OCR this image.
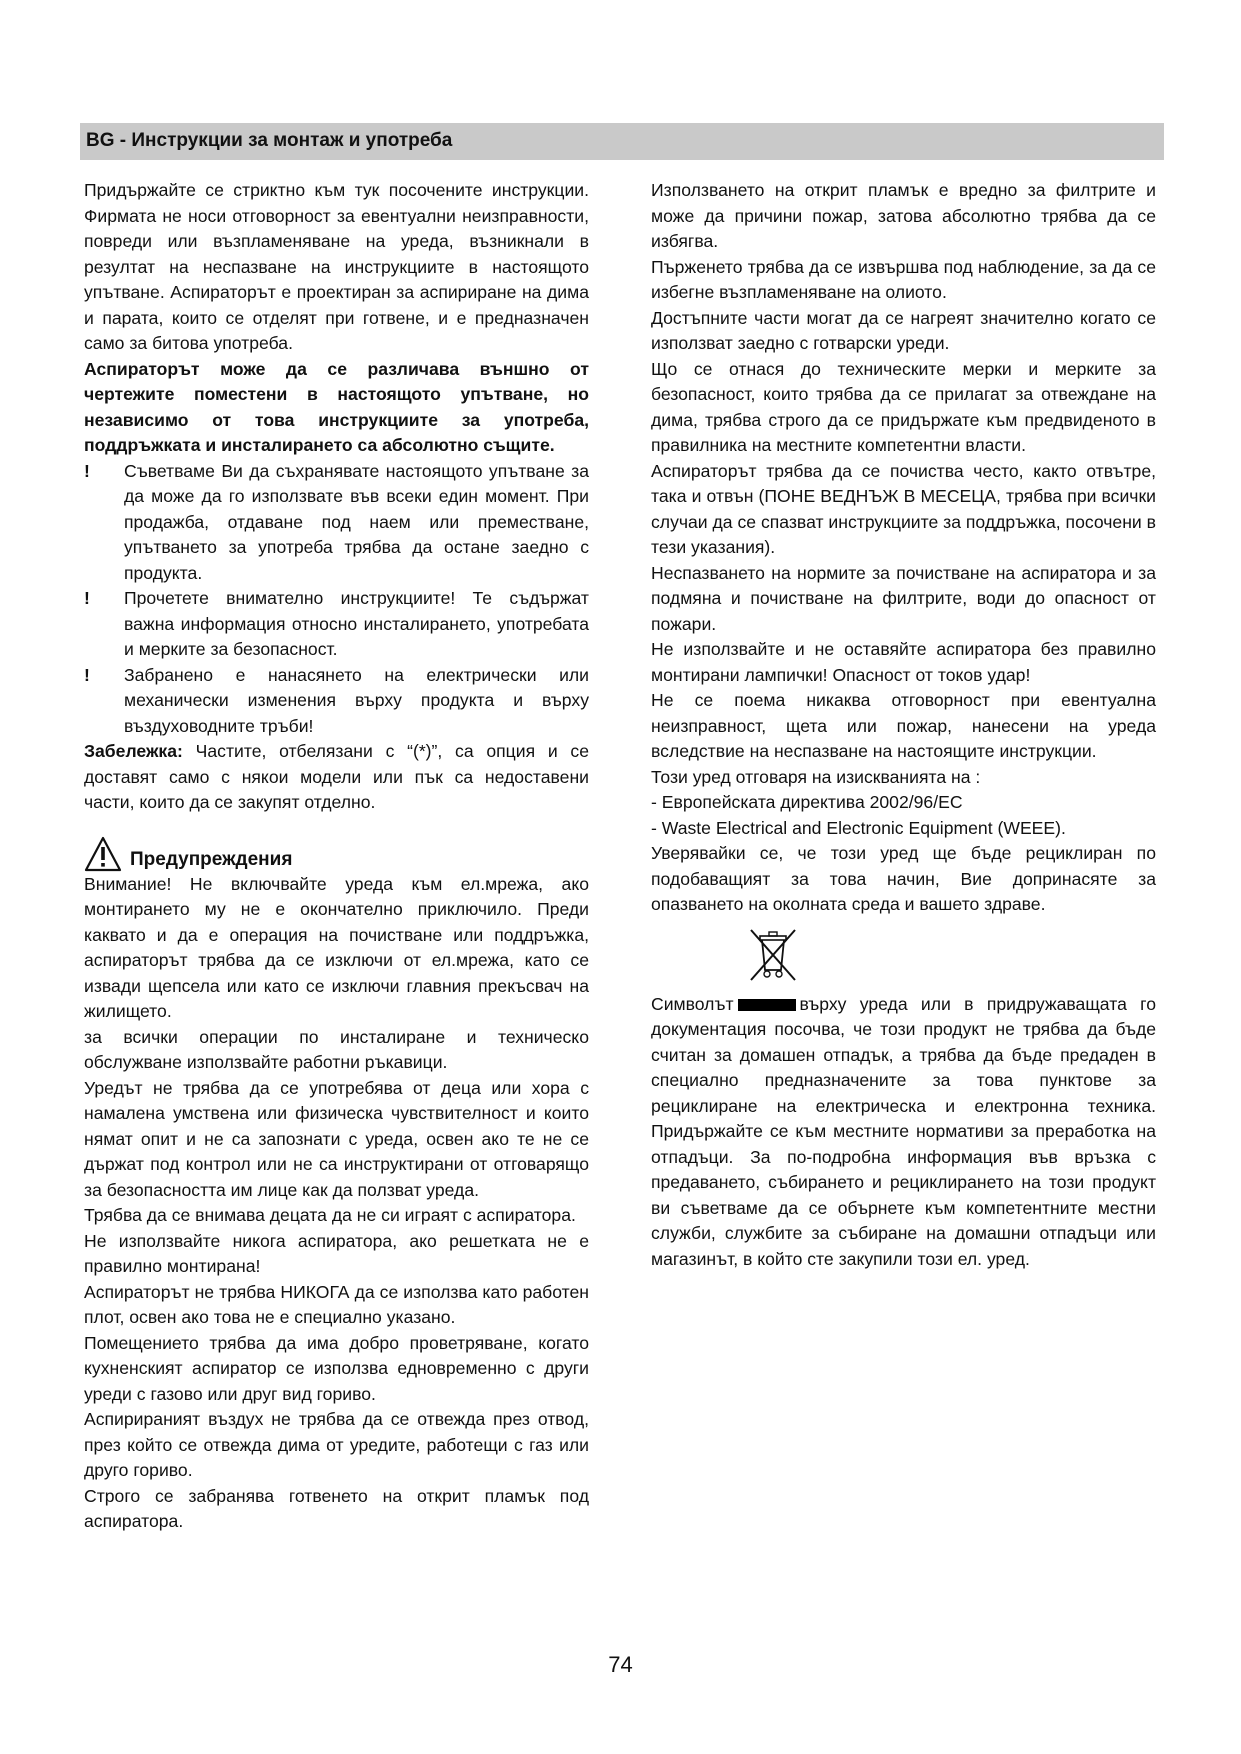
BG - Инструкции за монтаж и употреба

Придържайте се стриктно към тук посочените инструкции. Фирмата не носи отговорност за евентуални неизправности, повреди или възпламеняване на уреда, възникнали в резултат на неспазване на инструкциите в настоящото упътване. Аспираторът е проектиран за аспириране на дима и парата, които се отделят при готвене, и е предназначен само за битова употреба.

Аспираторът може да се различава външно от чертежите поместени в настоящото упътване, но независимо от това инструкциите за употреба, поддръжката и инсталирането са абсолютно същите.

! Съветваме Ви да съхранявате настоящото упътване за да може да го използвате във всеки един момент. При продажба, отдаване под наем или преместване, упътването за употреба трябва да остане заедно с продукта.
! Прочетете внимателно инструкциите! Те съдържат важна информация относно инсталирането, употребата и мерките за безопасност.
! Забранено е нанасянето на електрически или механически изменения върху продукта и върху въздуховодните тръби!

Забележка: Частите, отбелязани с “(*)”, са опция и се доставят само с някои модели или пък са недоставени части, които да се закупят отделно.

Предупреждения

Внимание! Не включвайте уреда към ел.мрежа, ако монтирането му не е окончателно приключило. Преди каквато и да е операция на почистване или поддръжка, аспираторът трябва да се изключи от ел.мрежа, като се извади щепсела или като се изключи главния прекъсвач на жилището.

за всички операции по инсталиране и техническо обслужване използвайте работни ръкавици.

Уредът не трябва да се употребява от деца или хора с намалена умствена или физическа чувствителност и които нямат опит и не са запознати с уреда, освен ако те не се държат под контрол или не са инструктирани от отговарящо за безопасността им лице как да ползват уреда.

Трябва да се внимава децата да не си играят с аспиратора.

Не използвайте никога аспиратора, ако решетката не е правилно монтирана!

Аспираторът не трябва НИКОГА да се използва като работен плот, освен ако това не е специално указано.

Помещението трябва да има добро проветряване, когато кухненският аспиратор се използва едновременно с други уреди с газово или друг вид гориво.

Аспирираният въздух не трябва да се отвежда през отвод, през който се отвежда дима от уредите, работещи с газ или друго гориво.

Строго се забранява готвенето на открит пламък под аспиратора.

Използването на открит пламък е вредно за филтрите и може да причини пожар, затова абсолютно трябва да се избягва.

Пърженето трябва да се извършва под наблюдение, за да се избегне възпламеняване на олиото.

Достъпните части могат да се нагреят значително когато се използват заедно с готварски уреди.

Що се отнася до техническите мерки и мерките за безопасност, които трябва да се прилагат за отвеждане на дима, трябва строго да се придържате към предвиденото в правилника на местните компетентни власти.

Аспираторът трябва да се почиства често, както отвътре, така и отвън (ПОНЕ ВЕДНЪЖ В МЕСЕЦА, трябва при всички случаи да се спазват инструкциите за поддръжка, посочени в тези указания).

Неспазването на нормите за почистване на аспиратора и за подмяна и почистване на филтрите, води до опасност от пожари.

Не използвайте и не оставяйте аспиратора без правилно монтирани лампички! Опасност от токов удар!

Не се поема никаква отговорност при евентуална неизправност, щета или пожар, нанесени на уреда вследствие на неспазване на настоящите инструкции.

Този уред отговаря на изискванията на :

- Европейската директива 2002/96/EC

- Waste Electrical and Electronic Equipment (WEEE).

Уверявайки се, че този уред ще бъде рециклиран по подобаващият за това начин, Вие допринасяте за опазването на околната среда и вашето здраве.

Символът	върху уреда или в придружаващата го документация посочва, че този продукт не трябва да бъде считан за домашен отпадък, а трябва да бъде предаден в специално предназначените за това пунктове за рециклиране на електрическа и електронна техника. Придържайте се към местните нормативи за преработка на отпадъци. За по-подробна информация във връзка с предаването, събирането и рециклирането на този продукт ви съветваме да се обърнете към компетентните местни служби, службите за събиране на домашни отпадъци или магазинът, в който сте закупили този ел. уред.

74
